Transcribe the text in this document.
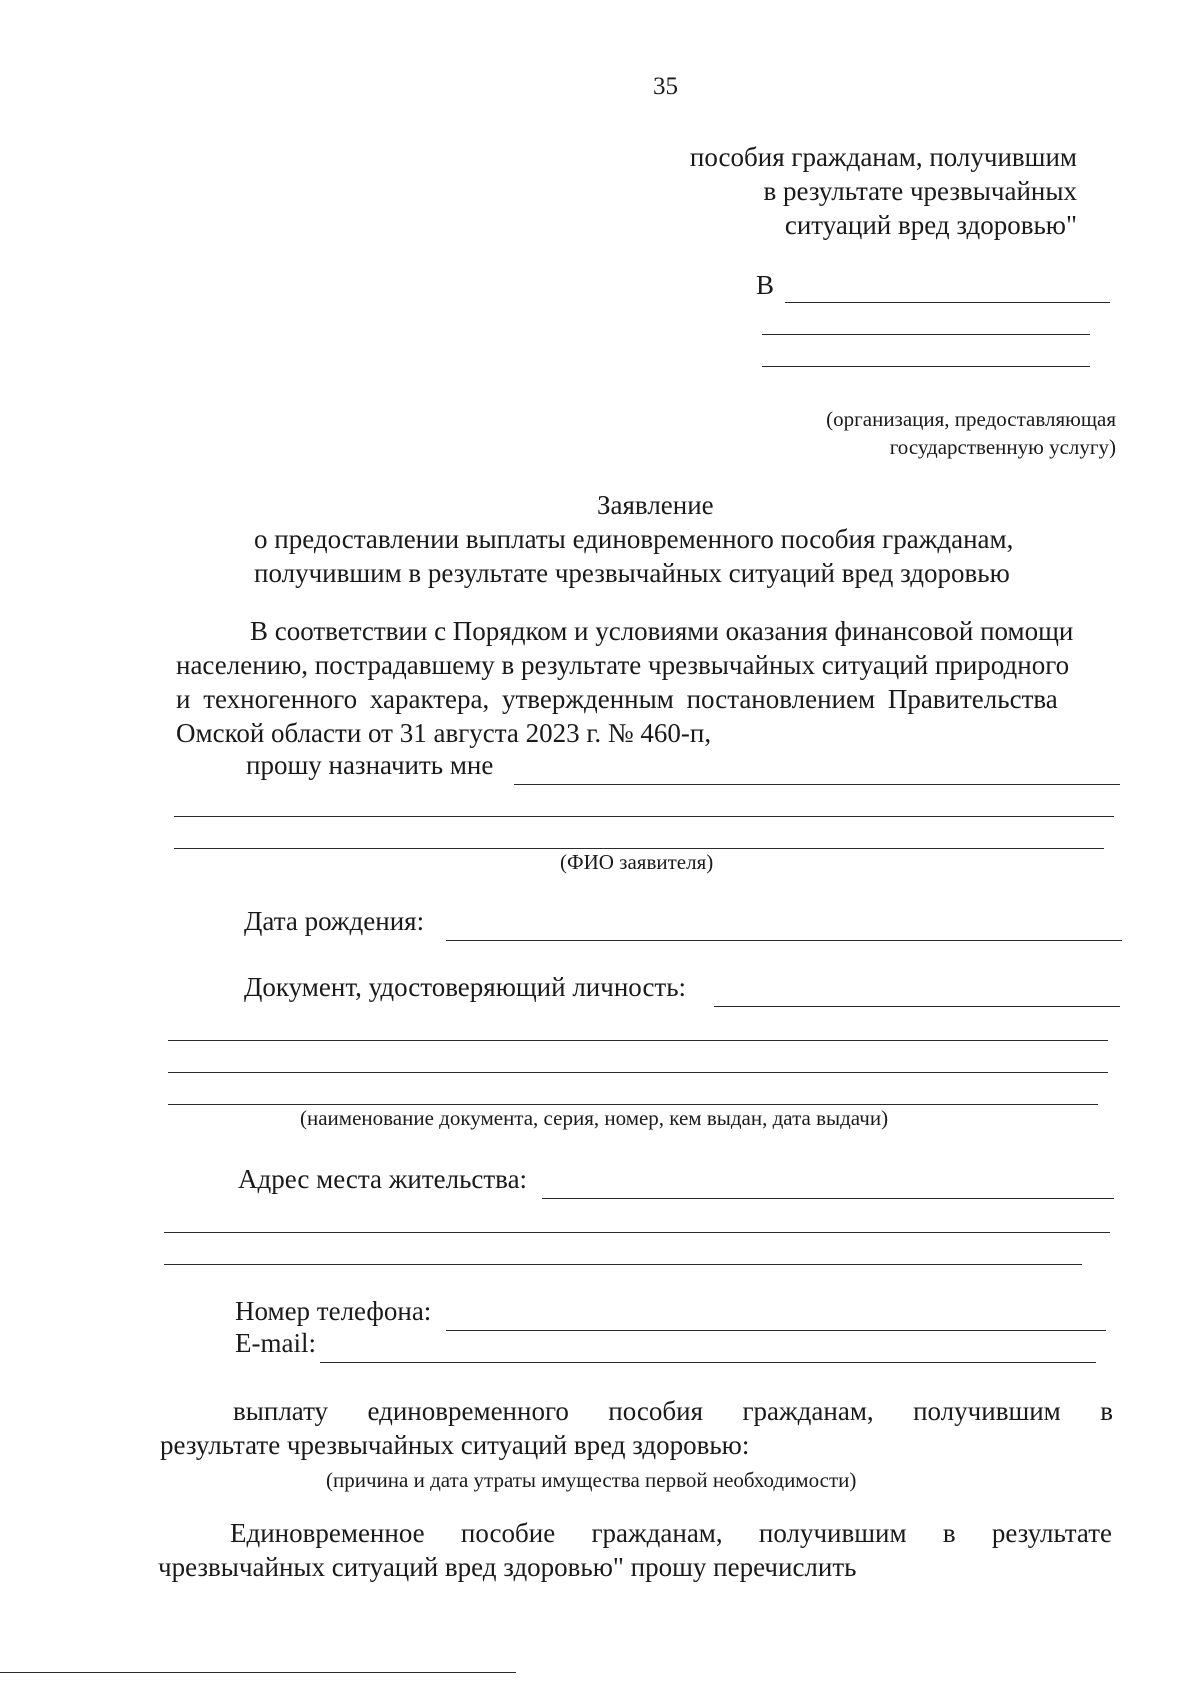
35
пособия гражданам, получившим
в результате чрезвычайных
ситуаций вред здоровью"
В
(организация, предоставляющая
государственную услугу)
Заявление
о предоставлении выплаты единовременного пособия гражданам,
получившим в результате чрезвычайных ситуаций вред здоровью
В соответствии с Порядком и условиями оказания финансовой помощи
населению, пострадавшему в результате чрезвычайных ситуаций природного
и техногенного характера, утвержденным постановлением Правительства
Омской области от 31 августа 2023 г. № 460-п,
прошу назначить мне
(ФИО заявителя)
Дата рождения:
Документ, удостоверяющий личность:
(наименование документа, серия, номер, кем выдан, дата выдачи)
Адрес места жительства:
Номер телефона:
E-mail:
выплату единовременного пособия гражданам, получившим в
результате чрезвычайных ситуаций вред здоровью:
(причина и дата утраты имущества первой необходимости)
Единовременное пособие гражданам, получившим в результате
чрезвычайных ситуаций вред здоровью" прошу перечислить
